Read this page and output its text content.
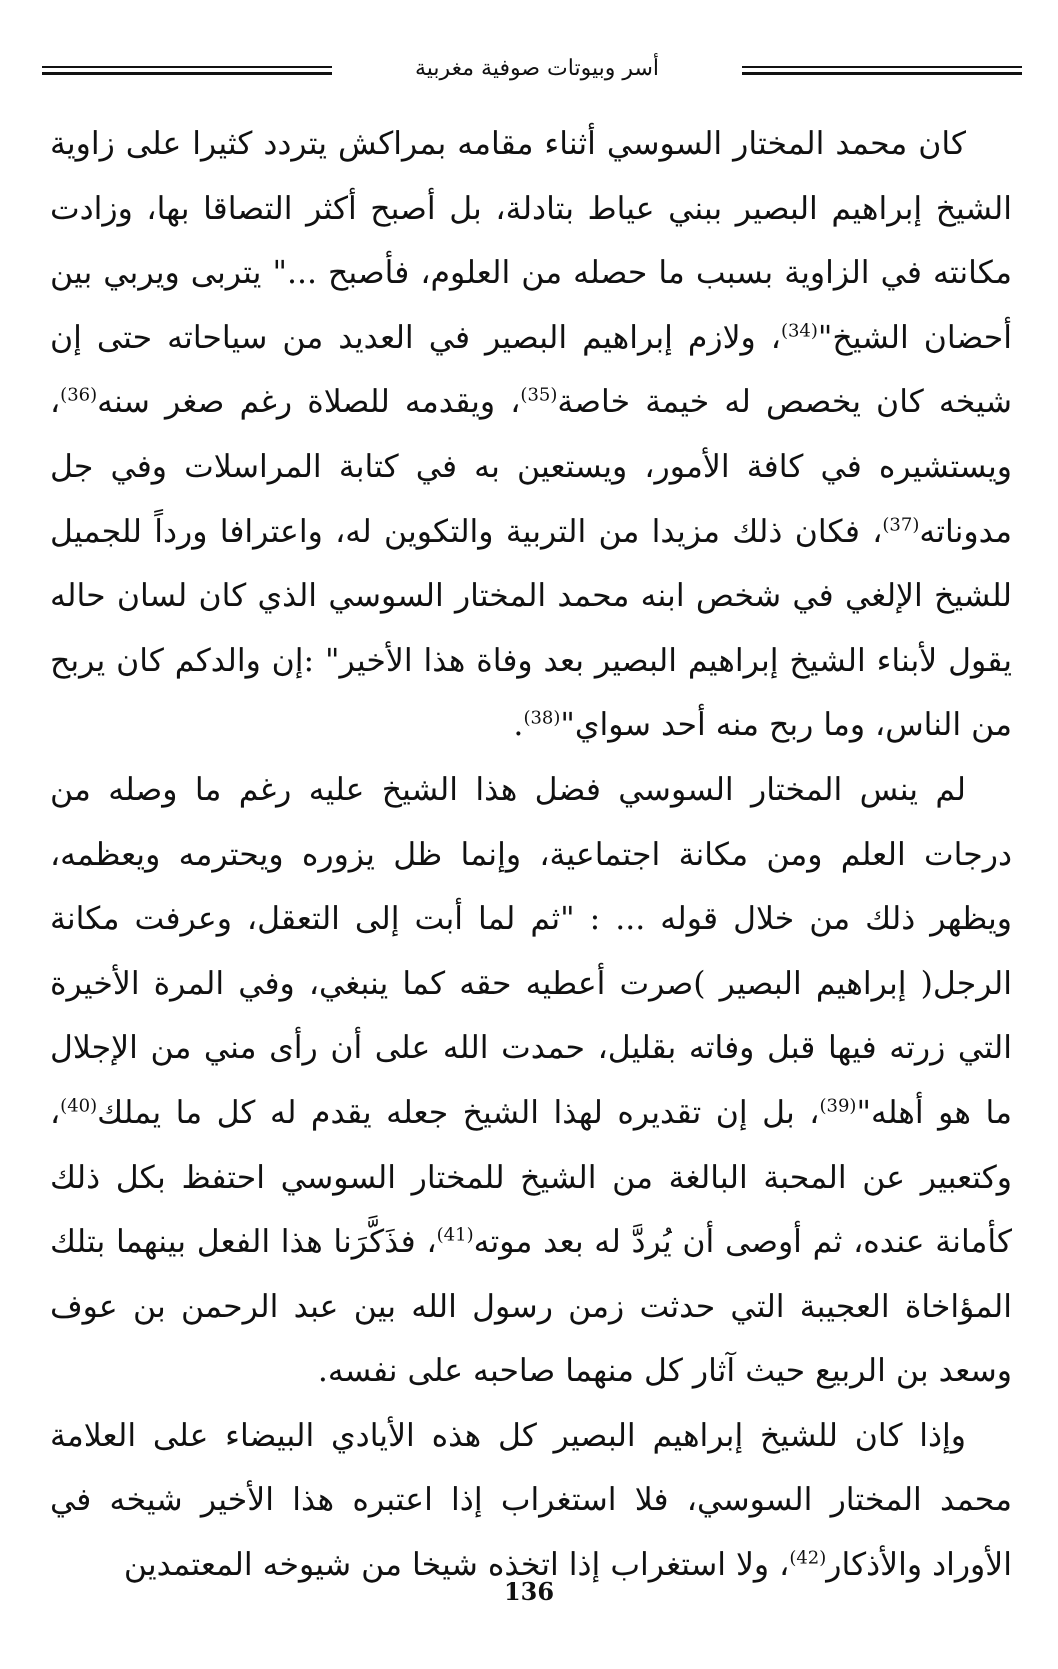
أسر وبيوتات صوفية مغربية

كان محمد المختار السوسي أثناء مقامه بمراكش يتردد كثيرا على زاوية الشيخ إبراهيم البصير ببني عياط بتادلة، بل أصبح أكثر التصاقا بها، وزادت مكانته في الزاوية بسبب ما حصله من العلوم، فأصبح ..." يتربى ويربي بين أحضان الشيخ"$^{(34)}$، ولازم إبراهيم البصير في العديد من سياحاته حتى إن شيخه كان يخصص له خيمة خاصة$^{(35)}$، ويقدمه للصلاة رغم صغر سنه$^{(36)}$، ويستشيره في كافة الأمور، ويستعين به في كتابة المراسلات وفي جل مدوناته$^{(37)}$، فكان ذلك مزيدا من التربية والتكوين له، واعترافا ورداً للجميل للشيخ الإلغي في شخص ابنه محمد المختار السوسي الذي كان لسان حاله يقول لأبناء الشيخ إبراهيم البصير بعد وفاة هذا الأخير" :إن والدكم كان يربح من الناس، وما ربح منه أحد سواي"$^{(38)}$.

لم ينس المختار السوسي فضل هذا الشيخ عليه رغم ما وصله من درجات العلم ومن مكانة اجتماعية، وإنما ظل يزوره ويحترمه ويعظمه، ويظهر ذلك من خلال قوله ... : "ثم لما أبت إلى التعقل، وعرفت مكانة الرجل( إبراهيم البصير )صرت أعطيه حقه كما ينبغي، وفي المرة الأخيرة التي زرته فيها قبل وفاته بقليل، حمدت الله على أن رأى مني من الإجلال ما هو أهله"$^{(39)}$، بل إن تقديره لهذا الشيخ جعله يقدم له كل ما يملك$^{(40)}$، وكتعبير عن المحبة البالغة من الشيخ للمختار السوسي احتفظ بكل ذلك كأمانة عنده، ثم أوصى أن يُردَّ له بعد موته$^{(41)}$، فذَكَّرَنا هذا الفعل بينهما بتلك المؤاخاة العجيبة التي حدثت زمن رسول الله بين عبد الرحمن بن عوف وسعد بن الربيع حيث آثار كل منهما صاحبه على نفسه.

وإذا كان للشيخ إبراهيم البصير كل هذه الأيادي البيضاء على العلامة محمد المختار السوسي، فلا استغراب إذا اعتبره هذا الأخير شيخه في الأوراد والأذكار$^{(42)}$، ولا استغراب إذا اتخذه شيخا من شيوخه المعتمدين

136
